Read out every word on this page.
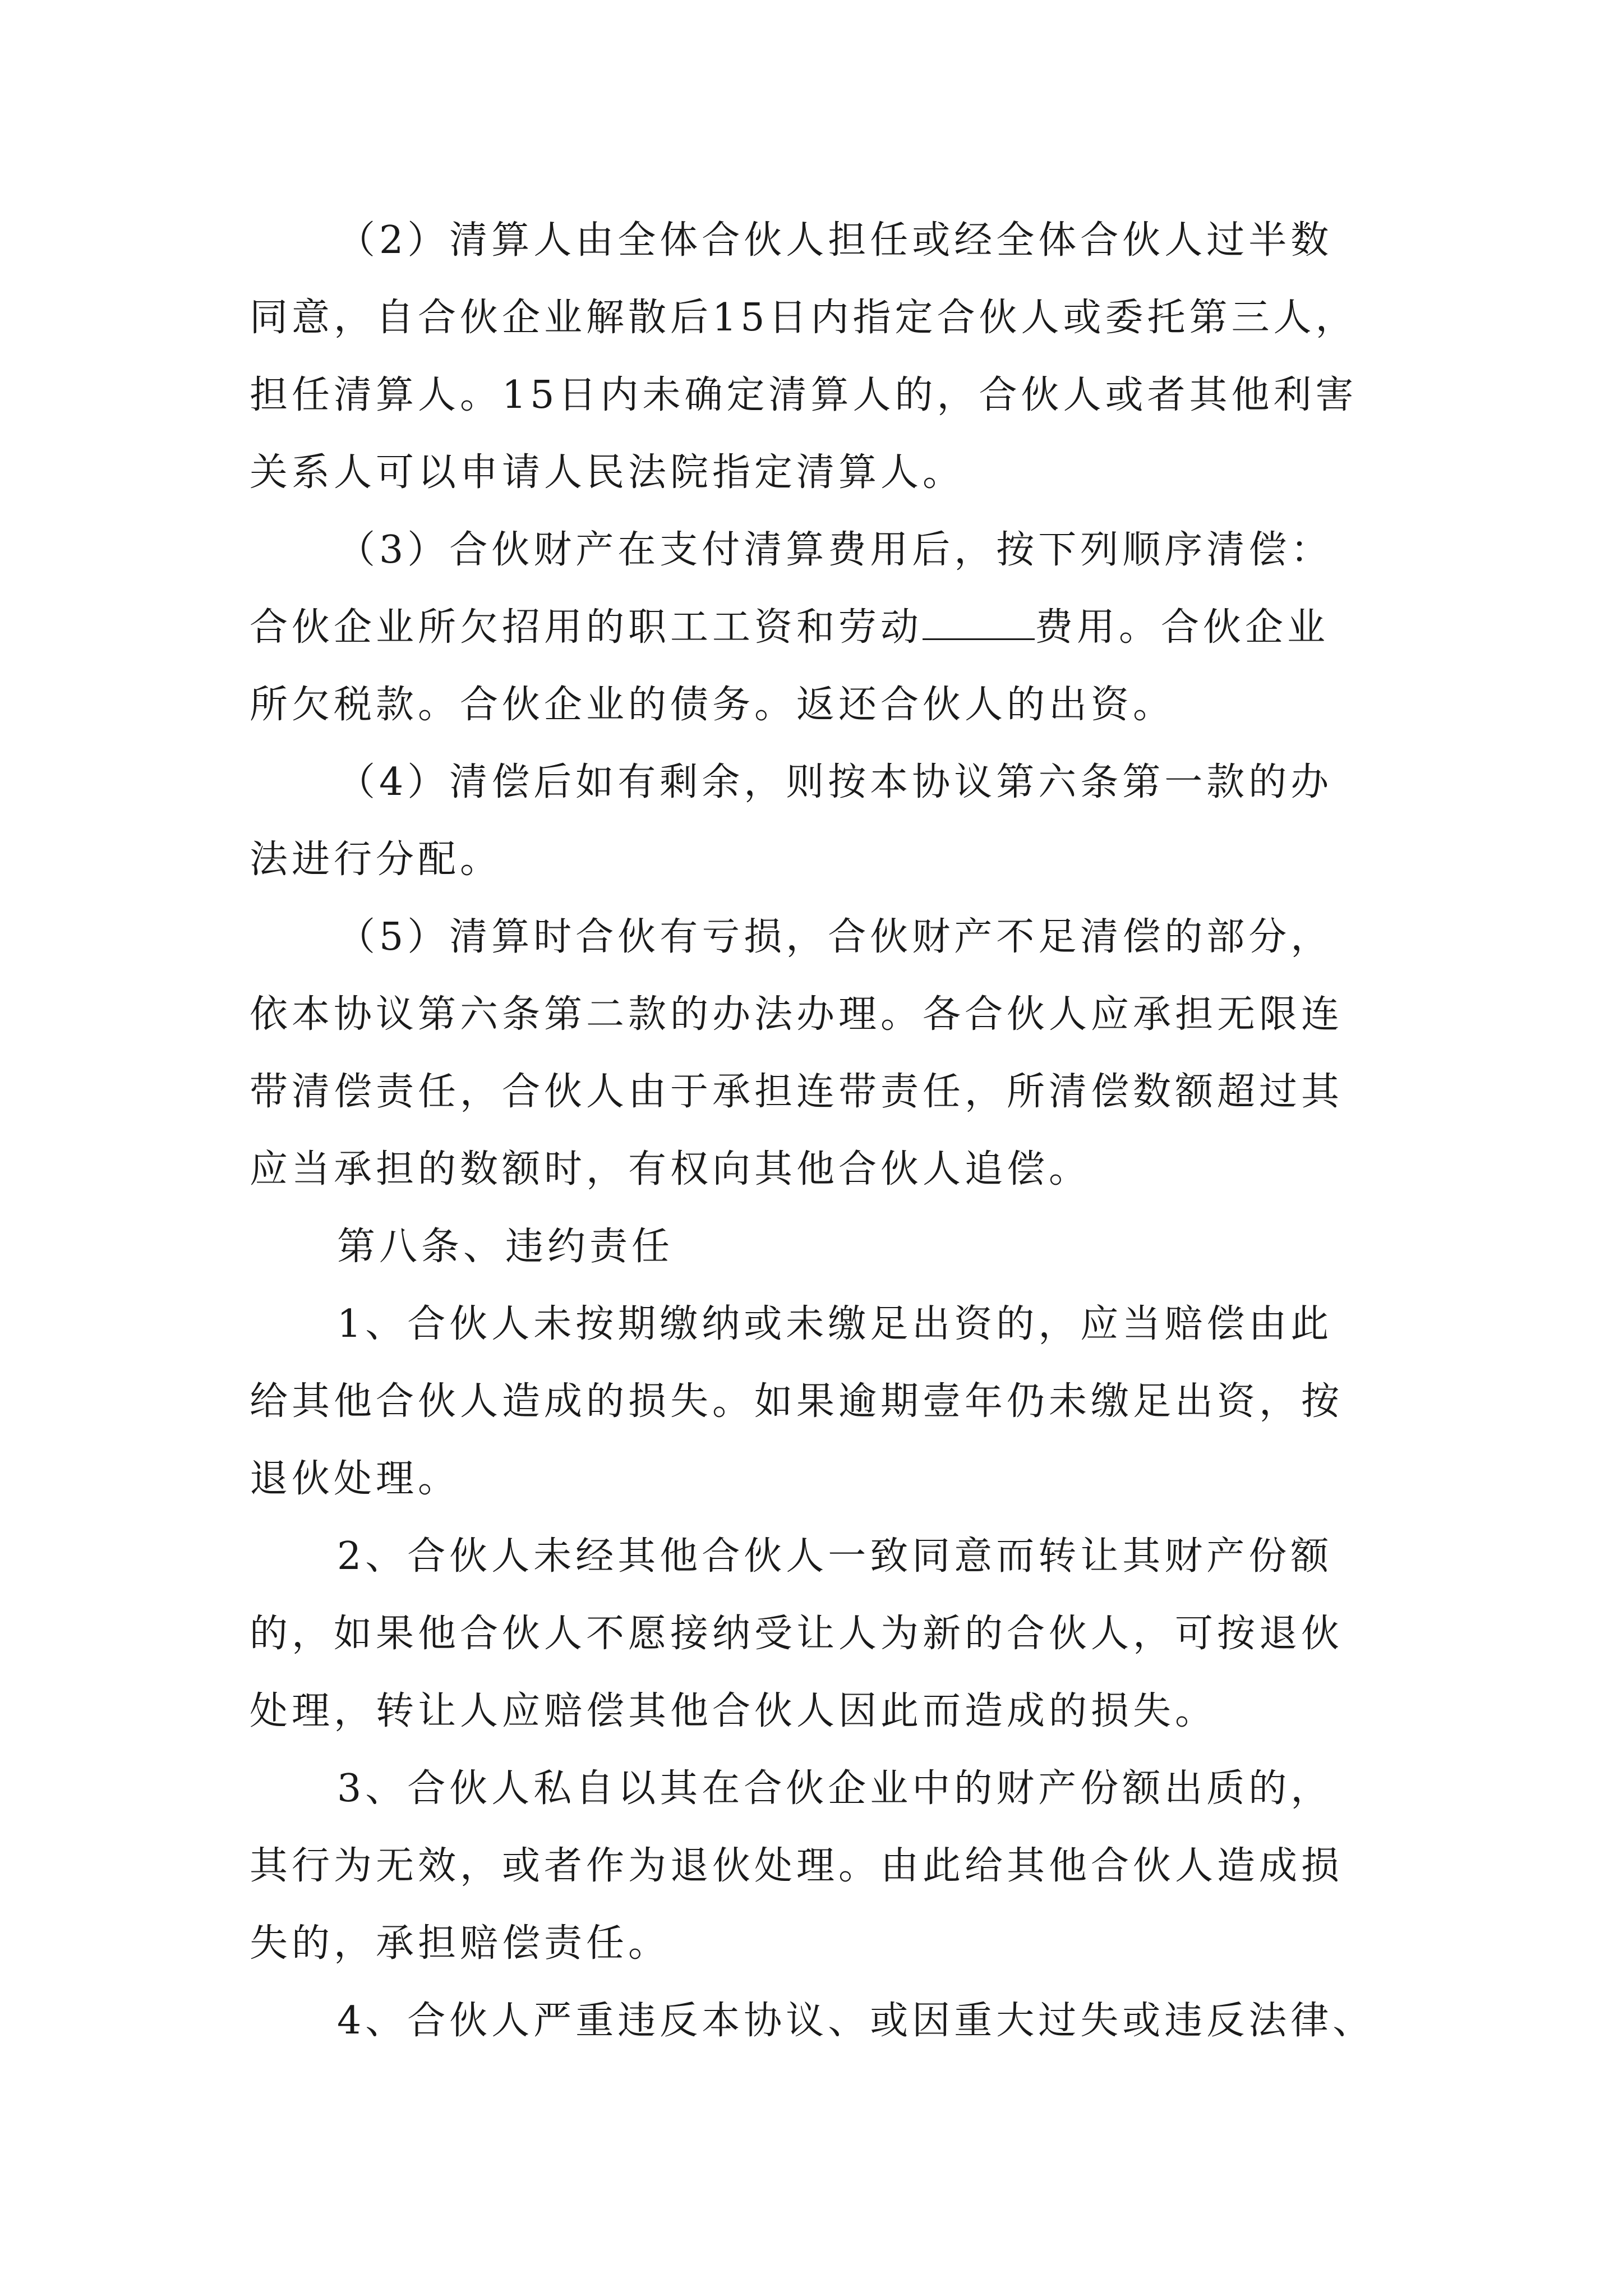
（2）清算人由全体合伙人担任或经全体合伙人过半数
同意，自合伙企业解散后15日内指定合伙人或委托第三人，
担任清算人。15日内未确定清算人的，合伙人或者其他利害
关系人可以申请人民法院指定清算人。
（3）合伙财产在支付清算费用后，按下列顺序清偿：
合伙企业所欠招用的职工工资和劳动	费用。合伙企业
所欠税款。合伙企业的债务。返还合伙人的出资。
（4）清偿后如有剩余，则按本协议第六条第一款的办
法进行分配。
（5）清算时合伙有亏损，合伙财产不足清偿的部分，
依本协议第六条第二款的办法办理。各合伙人应承担无限连
带清偿责任，合伙人由于承担连带责任，所清偿数额超过其
应当承担的数额时，有权向其他合伙人追偿。
第八条、违约责任
1、合伙人未按期缴纳或未缴足出资的，应当赔偿由此
给其他合伙人造成的损失。如果逾期壹年仍未缴足出资，按
退伙处理。
2、合伙人未经其他合伙人一致同意而转让其财产份额
的，如果他合伙人不愿接纳受让人为新的合伙人，可按退伙
处理，转让人应赔偿其他合伙人因此而造成的损失。
3、合伙人私自以其在合伙企业中的财产份额出质的，
其行为无效，或者作为退伙处理。由此给其他合伙人造成损
失的，承担赔偿责任。
4、合伙人严重违反本协议、或因重大过失或违反法律、
